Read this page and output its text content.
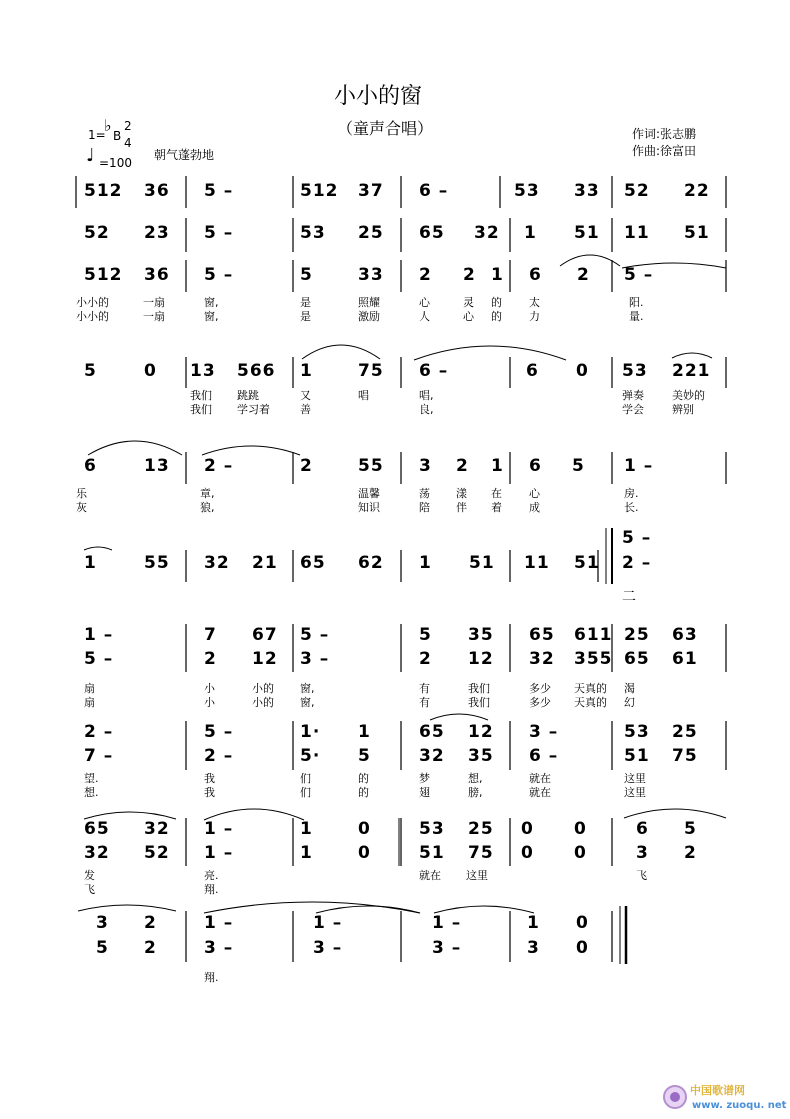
小小的窗
（童声合唱）
1=
♭
B
2
4
♩ =100
朝气蓬勃地
作词:张志鹏
作曲:徐富田
512 36 5 –	512 37 6 –	53 33 52 22
52 23 5 –	53 25 65 32 1 51 11 51
512 36 5 –	5	33 2 2 1 6 2 5 –
小小的	一扇	窗,	是	照耀	心	灵 的 太	阳.
小小的	一扇	窗,	是	激励	人	心 的 力	量.
5	0 13 566 1	75 6 –	6 0 53 221
我们 跳跳	又	唱	唱,	弹奏	美妙的
我们 学习着	善	良,	学会	辨别
6	13 2 –	2	55 3 2 1 6 5 1 –
乐	章,	温馨	荡 漾 在 心	房.
灰	狼,	知识	陪 伴 着 成	长.
1	55 32 21 65 62 1 51 11 51
5 –
2 –
二
1 –	7 67 5 –	5 35 65 611 25 63
5 –	2 12 3 –	2 12 32 355 65 61
扇	小	小的 窗,	有	我们	多少 天真的 渴
扇	小	小的 窗,	有	我们	多少 天真的 幻
2 –	5 –	1· 1	65 12 3 –	53 25
7 –	2 –	5· 5	32 35 6 –	51 75
望.	我	们	的	梦	想,	就在	这里
想.	我	们	的	翅	膀,	就在	这里
65 32 1 –	1	0	53 25 0 0	6 5
32 52 1 –	1	0	51 75 0 0	3 2
发	亮.	就在 这里	飞
飞	翔.
3 2	1 –	1 –	1 –	1 0
5 2	3 –	3 –	3 –	3 0
翔.
中国歌谱网
www. zuoqu. net
